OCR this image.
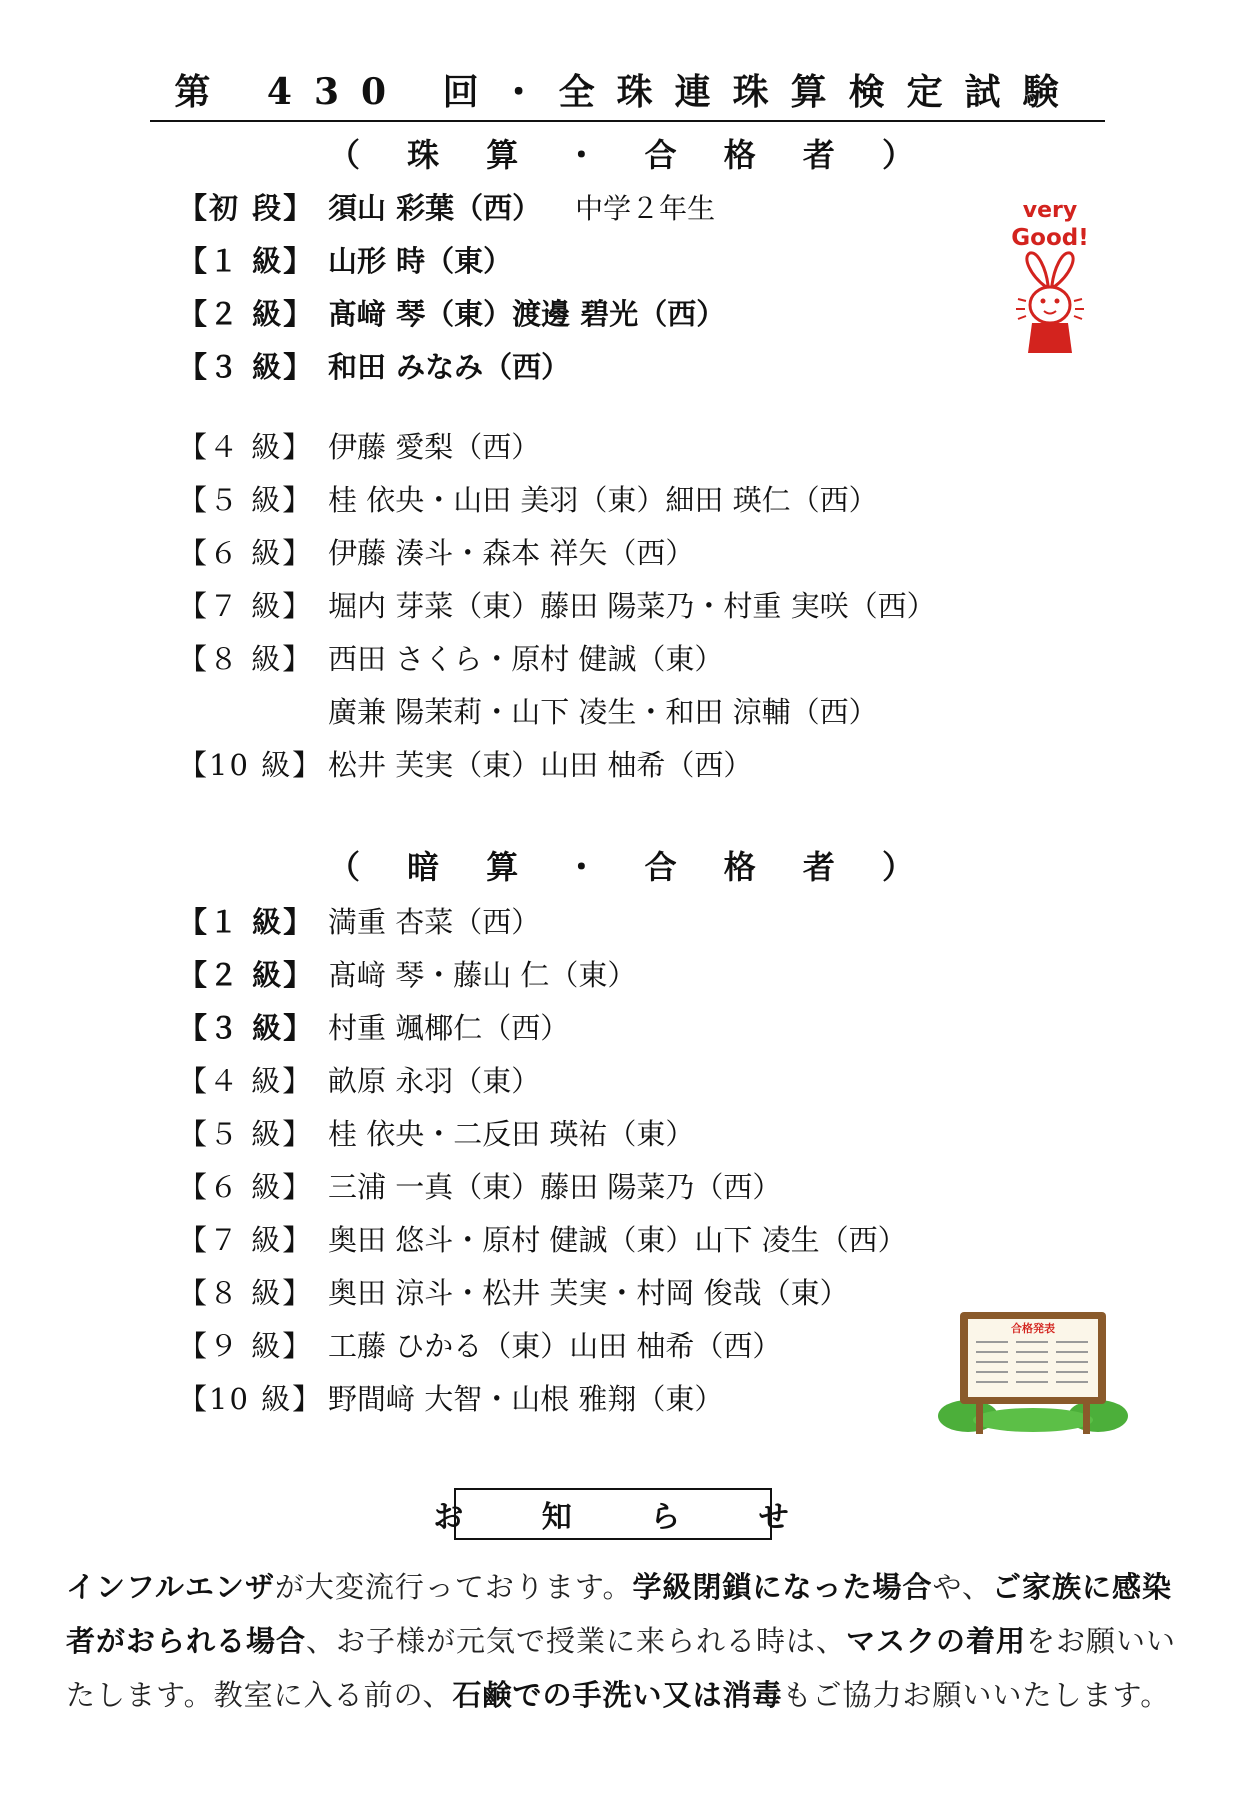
第 430 回・全珠連珠算検定試験
（ 珠 算 ・ 合 格 者 ）
【初 段】 須山 彩葉（西） 中学２年生
【１ 級】 山形 時（東）
【２ 級】 髙﨑 琴（東）渡邊 碧光（西）
【３ 級】 和田 みなみ（西）
【４ 級】 伊藤 愛梨（西）
【５ 級】 桂 依央・山田 美羽（東）細田 瑛仁（西）
【６ 級】 伊藤 湊斗・森本 祥矢（西）
【７ 級】 堀内 芽菜（東）藤田 陽菜乃・村重 実咲（西）
【８ 級】 西田 さくら・原村 健誠（東）
廣兼 陽茉莉・山下 凌生・和田 涼輔（西）
【10 級】 松井 芙実（東）山田 柚希（西）
（ 暗 算 ・ 合 格 者 ）
【１ 級】 満重 杏菜（西）
【２ 級】 髙﨑 琴・藤山 仁（東）
【３ 級】 村重 颯椰仁（西）
【４ 級】 畝原 永羽（東）
【５ 級】 桂 依央・二反田 瑛祐（東）
【６ 級】 三浦 一真（東）藤田 陽菜乃（西）
【７ 級】 奥田 悠斗・原村 健誠（東）山下 凌生（西）
【８ 級】 奥田 涼斗・松井 芙実・村岡 俊哉（東）
【９ 級】 工藤 ひかる（東）山田 柚希（西）
【10 級】 野間﨑 大智・山根 雅翔（東）
お 知 ら せ
インフルエンザが大変流行っております。学級閉鎖になった場合や、ご家族に感染者がおられる場合、お子様が元気で授業に来られる時は、マスクの着用をお願いいたします。教室に入る前の、石鹸での手洗い又は消毒もご協力お願いいたします。
very
Good!
合格発表
